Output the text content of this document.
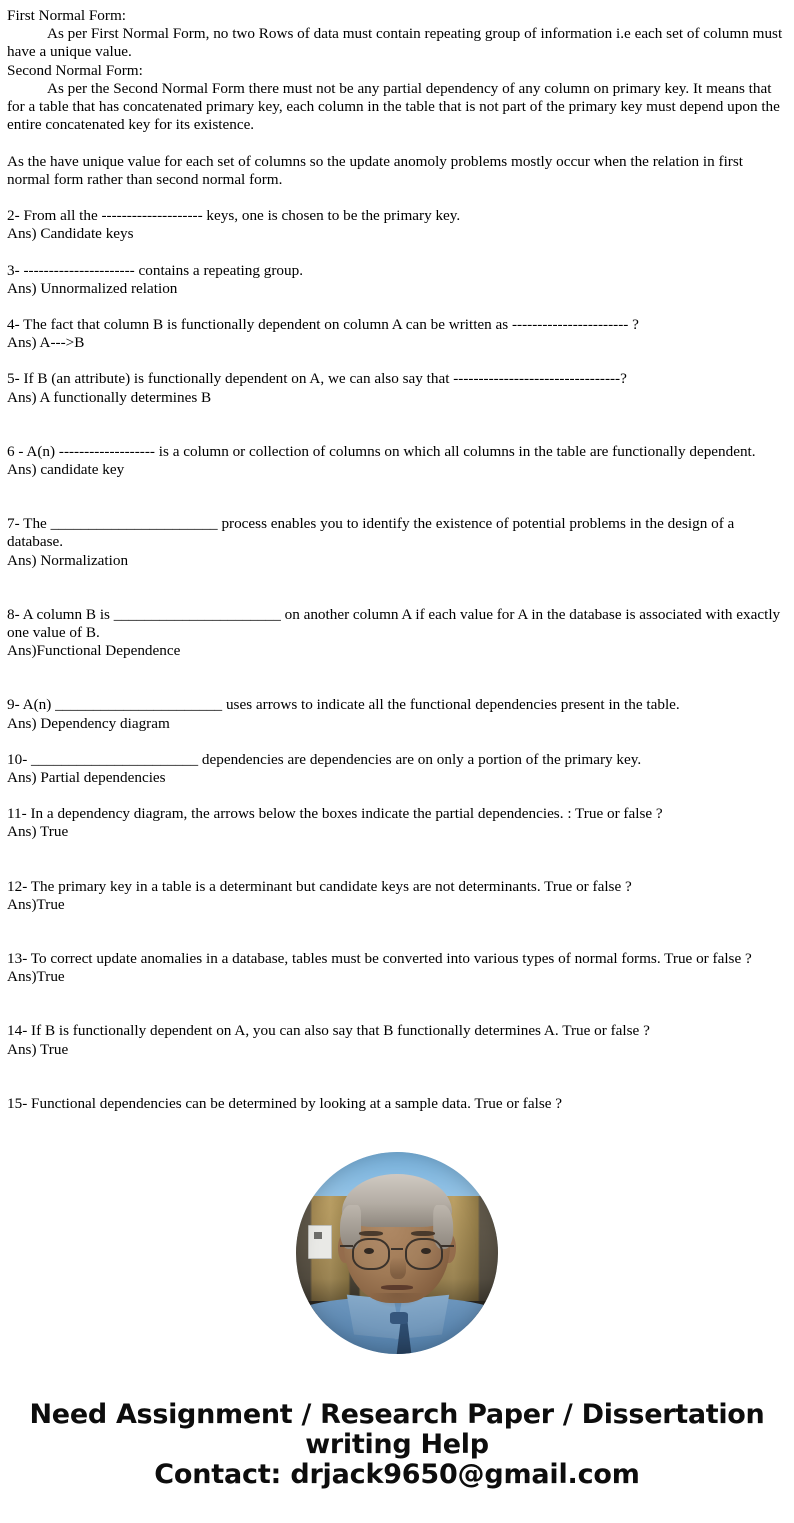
First Normal Form:
As per First Normal Form, no two Rows of data must contain repeating group of information i.e each set of column must have a unique value.
Second Normal Form:
As per the Second Normal Form there must not be any partial dependency of any column on primary key. It means that for a table that has concatenated primary key, each column in the table that is not part of the primary key must depend upon the entire concatenated key for its existence.
As the have unique value for each set of columns so the update anomoly problems mostly occur when the relation in first normal form rather than second normal form.
2- From all the -------------------- keys, one is chosen to be the primary key.
Ans) Candidate keys
3- ---------------------- contains a repeating group.
Ans) Unnormalized relation
4- The fact that column B is functionally dependent on column A can be written as ----------------------- ?
Ans) A--->B
5- If B (an attribute) is functionally dependent on A, we can also say that ---------------------------------?
Ans) A functionally determines B
6 - A(n) ------------------- is a column or collection of columns on which all columns in the table are functionally dependent.
Ans) candidate key
7- The ______________________ process enables you to identify the existence of potential problems in the design of a database.
Ans) Normalization
8- A column B is ______________________ on another column A if each value for A in the database is associated with exactly one value of B.
Ans)Functional Dependence
9- A(n) ______________________ uses arrows to indicate all the functional dependencies present in the table.
Ans) Dependency diagram
10- ______________________ dependencies are dependencies are on only a portion of the primary key.
Ans) Partial dependencies
11- In a dependency diagram, the arrows below the boxes indicate the partial dependencies. : True or false ?
Ans) True
12- The primary key in a table is a determinant but candidate keys are not determinants. True or false ?
Ans)True
13- To correct update anomalies in a database, tables must be converted into various types of normal forms. True or false ?
Ans)True
14- If B is functionally dependent on A, you can also say that B functionally determines A. True or false ?
Ans) True
15- Functional dependencies can be determined by looking at a sample data. True or false ?
Need Assignment / Research Paper / Dissertation writing Help
Contact: drjack9650@gmail.com
